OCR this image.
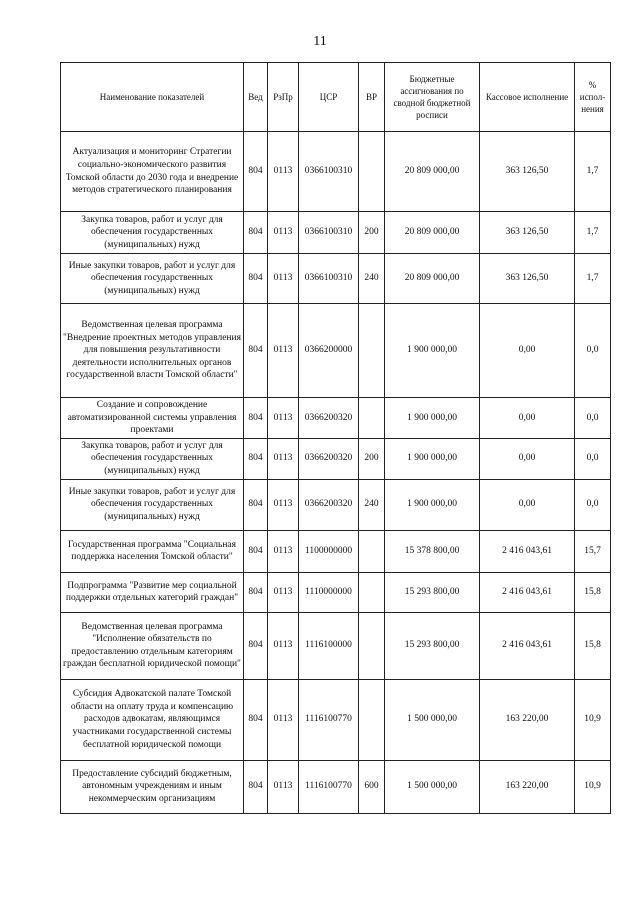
11
Наименование показателей	Вед	РзПр	ЦСР	ВР	Бюджетные ассигнования по сводной бюджетной росписи	Кассовое исполнение	% испол-нения
Актуализация и мониторинг Стратегии социально-экономического развития Томской области до 2030 года и внедрение методов стратегического планирования	804	0113	0366100310		20 809 000,00	363 126,50	1,7
Закупка товаров, работ и услуг для обеспечения государственных (муниципальных) нужд	804	0113	0366100310	200	20 809 000,00	363 126,50	1,7
Иные закупки товаров, работ и услуг для обеспечения государственных (муниципальных) нужд	804	0113	0366100310	240	20 809 000,00	363 126,50	1,7
Ведомственная целевая программа "Внедрение проектных методов управления для повышения результативности деятельности исполнительных органов государственной власти Томской области"	804	0113	0366200000		1 900 000,00	0,00	0,0
Создание и сопровождение автоматизированной системы управления проектами	804	0113	0366200320		1 900 000,00	0,00	0,0
Закупка товаров, работ и услуг для обеспечения государственных (муниципальных) нужд	804	0113	0366200320	200	1 900 000,00	0,00	0,0
Иные закупки товаров, работ и услуг для обеспечения государственных (муниципальных) нужд	804	0113	0366200320	240	1 900 000,00	0,00	0,0
Государственная программа "Социальная поддержка населения Томской области"	804	0113	1100000000		15 378 800,00	2 416 043,61	15,7
Подпрограмма "Развитие мер социальной поддержки отдельных категорий граждан"	804	0113	1110000000		15 293 800,00	2 416 043,61	15,8
Ведомственная целевая программа "Исполнение обязательств по предоставлению отдельным категориям граждан бесплатной юридической помощи"	804	0113	1116100000		15 293 800,00	2 416 043,61	15,8
Субсидия Адвокатской палате Томской области на оплату труда и компенсацию расходов адвокатам, являющимся участниками государственной системы бесплатной юридической помощи	804	0113	1116100770		1 500 000,00	163 220,00	10,9
Предоставление субсидий бюджетным, автономным учреждениям и иным некоммерческим организациям	804	0113	1116100770	600	1 500 000,00	163 220,00	10,9
